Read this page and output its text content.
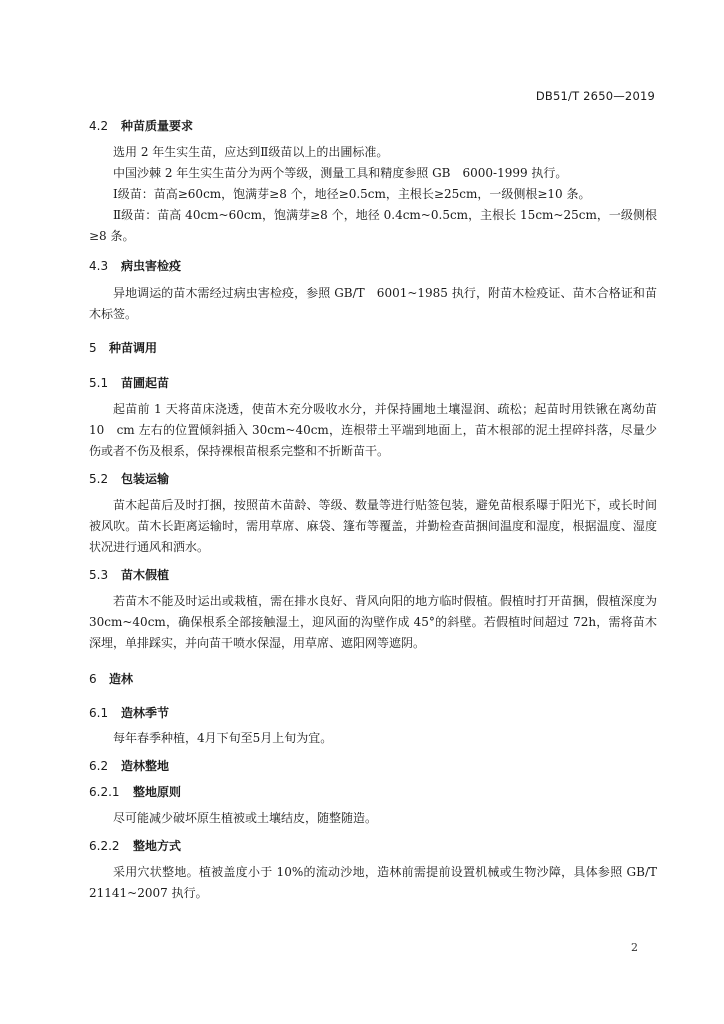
DB51/T 2650—2019
4.2 种苗质量要求

选用 2 年生实生苗，应达到Ⅱ级苗以上的出圃标准。

中国沙棘 2 年生实生苗分为两个等级，测量工具和精度参照 GB　6000-1999 执行。

Ⅰ级苗：苗高≥60cm，饱满芽≥8 个，地径≥0.5cm，主根长≥25cm，一级侧根≥10 条。

Ⅱ级苗：苗高 40cm~60cm，饱满芽≥8 个，地径 0.4cm~0.5cm，主根长 15cm~25cm，一级侧根≥8 条。

4.3 病虫害检疫

异地调运的苗木需经过病虫害检疫，参照 GB/T　6001~1985 执行，附苗木检疫证、苗木合格证和苗木标签。

5 种苗调用
5.1 苗圃起苗

起苗前 1 天将苗床浇透，使苗木充分吸收水分，并保持圃地土壤湿润、疏松；起苗时用铁锹在离幼苗 10　cm 左右的位置倾斜插入 30cm~40cm，连根带土平端到地面上，苗木根部的泥土捏碎抖落，尽量少伤或者不伤及根系，保持裸根苗根系完整和不折断苗干。

5.2 包装运输

苗木起苗后及时打捆，按照苗木苗龄、等级、数量等进行贴签包装，避免苗根系曝于阳光下，或长时间被风吹。苗木长距离运输时，需用草席、麻袋、篷布等覆盖，并勤检查苗捆间温度和湿度，根据温度、湿度状况进行通风和洒水。

5.3 苗木假植

若苗木不能及时运出或栽植，需在排水良好、背风向阳的地方临时假植。假植时打开苗捆，假植深度为 30cm~40cm，确保根系全部接触湿土，迎风面的沟壁作成 45°的斜壁。若假植时间超过 72h，需将苗木深埋，单排踩实，并向苗干喷水保湿，用草席、遮阳网等遮阴。

6 造林
6.1 造林季节

每年春季种植，4月下旬至5月上旬为宜。

6.2 造林整地
6.2.1 整地原则

尽可能减少破坏原生植被或土壤结皮，随整随造。

6.2.2 整地方式

采用穴状整地。植被盖度小于 10%的流动沙地，造林前需提前设置机械或生物沙障，具体参照 GB/T 21141~2007 执行。

2
